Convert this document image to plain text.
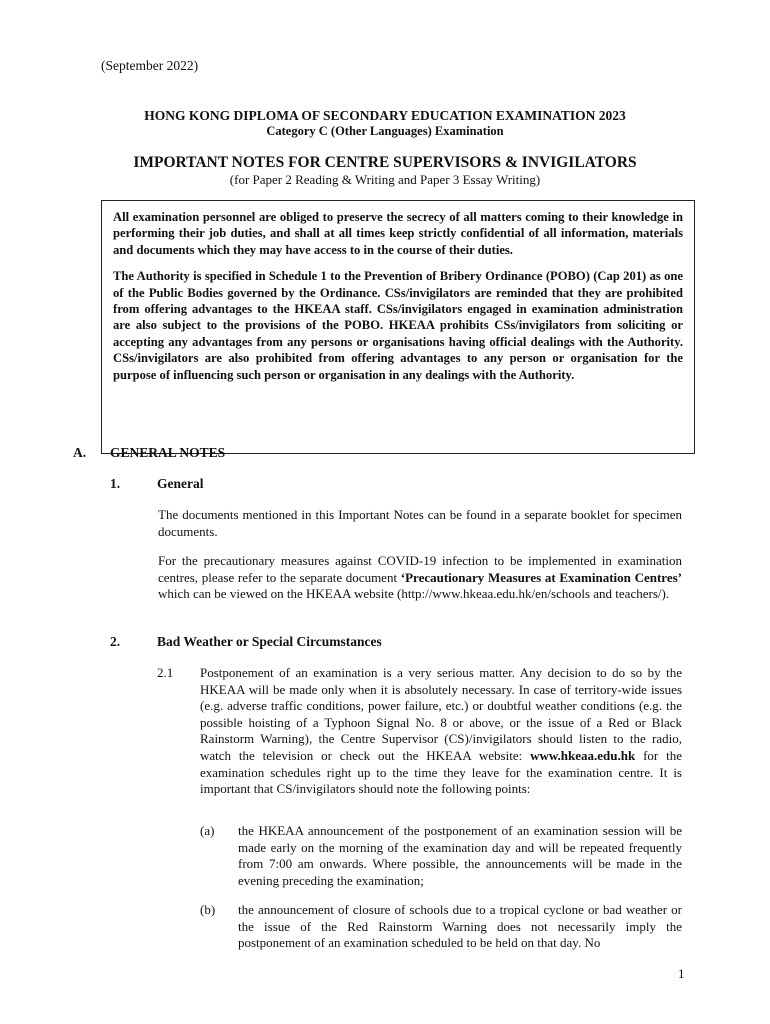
(September 2022)
HONG KONG DIPLOMA OF SECONDARY EDUCATION EXAMINATION 2023
Category C (Other Languages) Examination
IMPORTANT NOTES FOR CENTRE SUPERVISORS & INVIGILATORS
(for Paper 2 Reading & Writing and Paper 3 Essay Writing)

All examination personnel are obliged to preserve the secrecy of all matters coming to their knowledge in performing their job duties, and shall at all times keep strictly confidential of all information, materials and documents which they may have access to in the course of their duties.

The Authority is specified in Schedule 1 to the Prevention of Bribery Ordinance (POBO) (Cap 201) as one of the Public Bodies governed by the Ordinance. CSs/invigilators are reminded that they are prohibited from offering advantages to the HKEAA staff. CSs/invigilators engaged in examination administration are also subject to the provisions of the POBO. HKEAA prohibits CSs/invigilators from soliciting or accepting any advantages from any persons or organisations having official dealings with the Authority. CSs/invigilators are also prohibited from offering advantages to any person or organisation for the purpose of influencing such person or organisation in any dealings with the Authority.

A. GENERAL NOTES
1.	General

The documents mentioned in this Important Notes can be found in a separate booklet for specimen documents.

For the precautionary measures against COVID-19 infection to be implemented in examination centres, please refer to the separate document ‘Precautionary Measures at Examination Centres’ which can be viewed on the HKEAA website (http://www.hkeaa.edu.hk/en/schools and teachers/).

2.	Bad Weather or Special Circumstances
2.1 Postponement of an examination is a very serious matter. Any decision to do so by the HKEAA will be made only when it is absolutely necessary. In case of territory-wide issues (e.g. adverse traffic conditions, power failure, etc.) or doubtful weather conditions (e.g. the possible hoisting of a Typhoon Signal No. 8 or above, or the issue of a Red or Black Rainstorm Warning), the Centre Supervisor (CS)/invigilators should listen to the radio, watch the television or check out the HKEAA website: www.hkeaa.edu.hk for the examination schedules right up to the time they leave for the examination centre. It is important that CS/invigilators should note the following points:

(a) the HKEAA announcement of the postponement of an examination session will be made early on the morning of the examination day and will be repeated frequently from 7:00 am onwards. Where possible, the announcements will be made in the evening preceding the examination;

(b) the announcement of closure of schools due to a tropical cyclone or bad weather or the issue of the Red Rainstorm Warning does not necessarily imply the postponement of an examination scheduled to be held on that day. No

1
